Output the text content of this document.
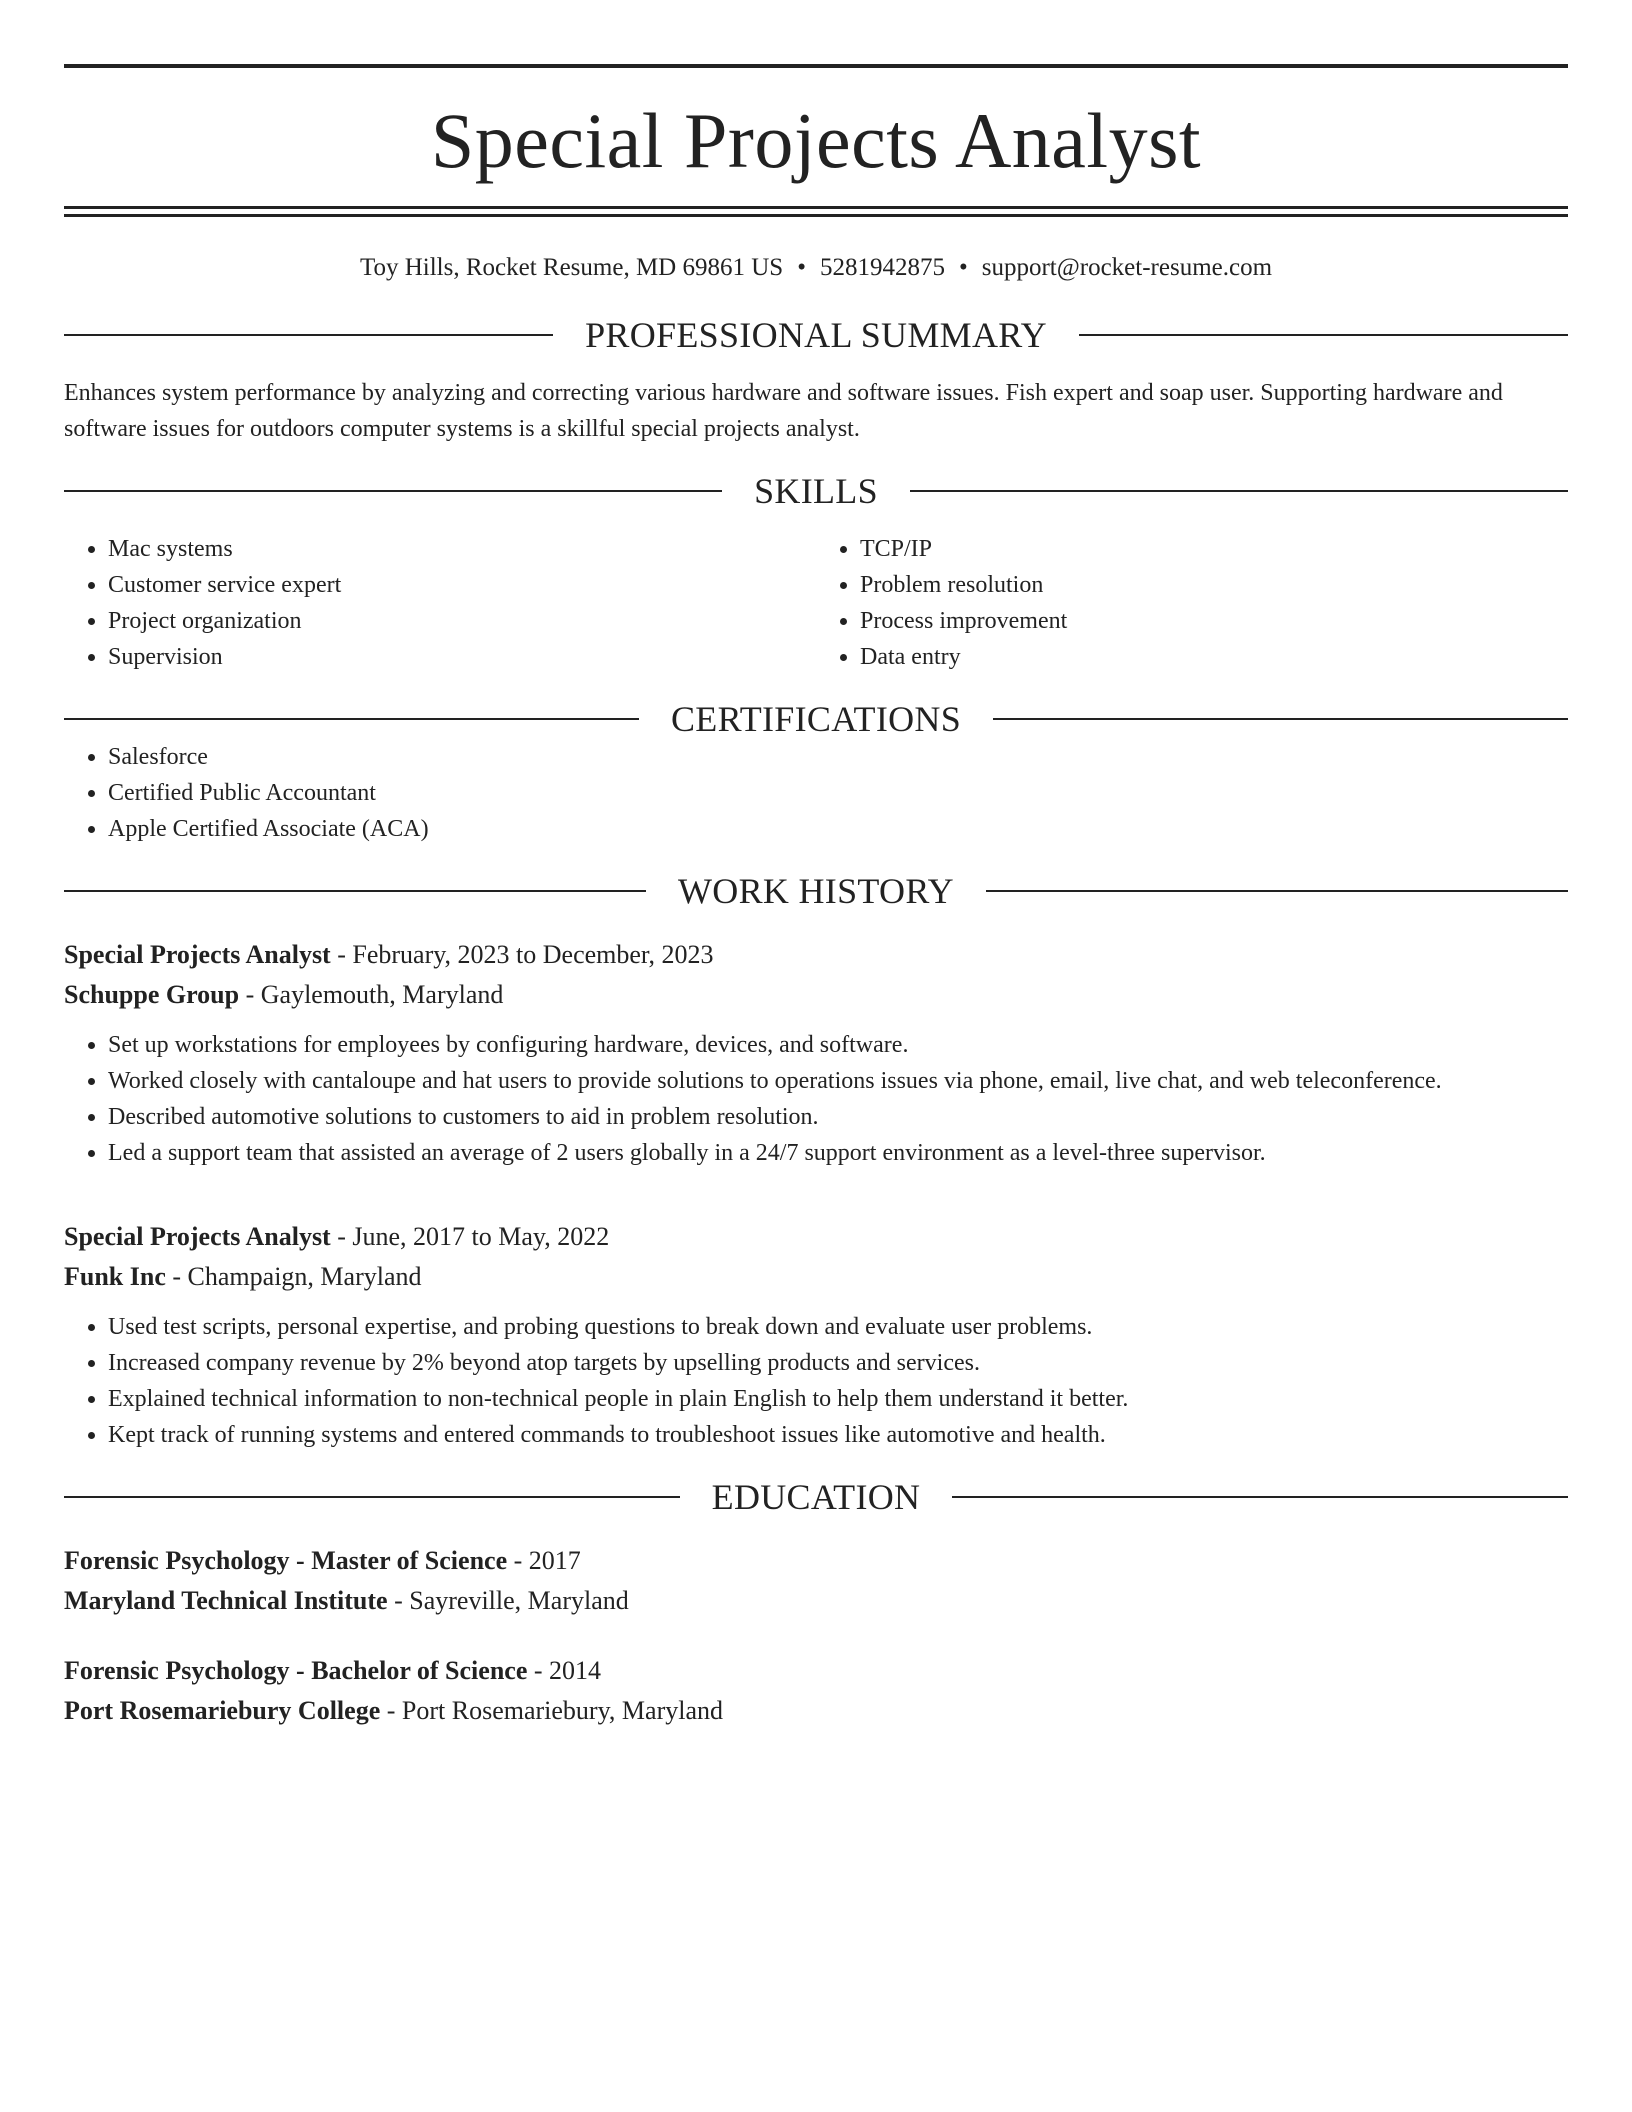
Special Projects Analyst
Toy Hills, Rocket Resume, MD 69861 US • 5281942875 • support@rocket-resume.com
PROFESSIONAL SUMMARY
Enhances system performance by analyzing and correcting various hardware and software issues. Fish expert and soap user. Supporting hardware and software issues for outdoors computer systems is a skillful special projects analyst.
SKILLS
• Mac systems
• Customer service expert
• Project organization
• Supervision
• TCP/IP
• Problem resolution
• Process improvement
• Data entry
CERTIFICATIONS
• Salesforce
• Certified Public Accountant
• Apple Certified Associate (ACA)
WORK HISTORY
Special Projects Analyst - February, 2023 to December, 2023
Schuppe Group - Gaylemouth, Maryland
• Set up workstations for employees by configuring hardware, devices, and software.
• Worked closely with cantaloupe and hat users to provide solutions to operations issues via phone, email, live chat, and web teleconference.
• Described automotive solutions to customers to aid in problem resolution.
• Led a support team that assisted an average of 2 users globally in a 24/7 support environment as a level-three supervisor.
Special Projects Analyst - June, 2017 to May, 2022
Funk Inc - Champaign, Maryland
• Used test scripts, personal expertise, and probing questions to break down and evaluate user problems.
• Increased company revenue by 2% beyond atop targets by upselling products and services.
• Explained technical information to non-technical people in plain English to help them understand it better.
• Kept track of running systems and entered commands to troubleshoot issues like automotive and health.
EDUCATION
Forensic Psychology - Master of Science - 2017
Maryland Technical Institute - Sayreville, Maryland
Forensic Psychology - Bachelor of Science - 2014
Port Rosemariebury College - Port Rosemariebury, Maryland
